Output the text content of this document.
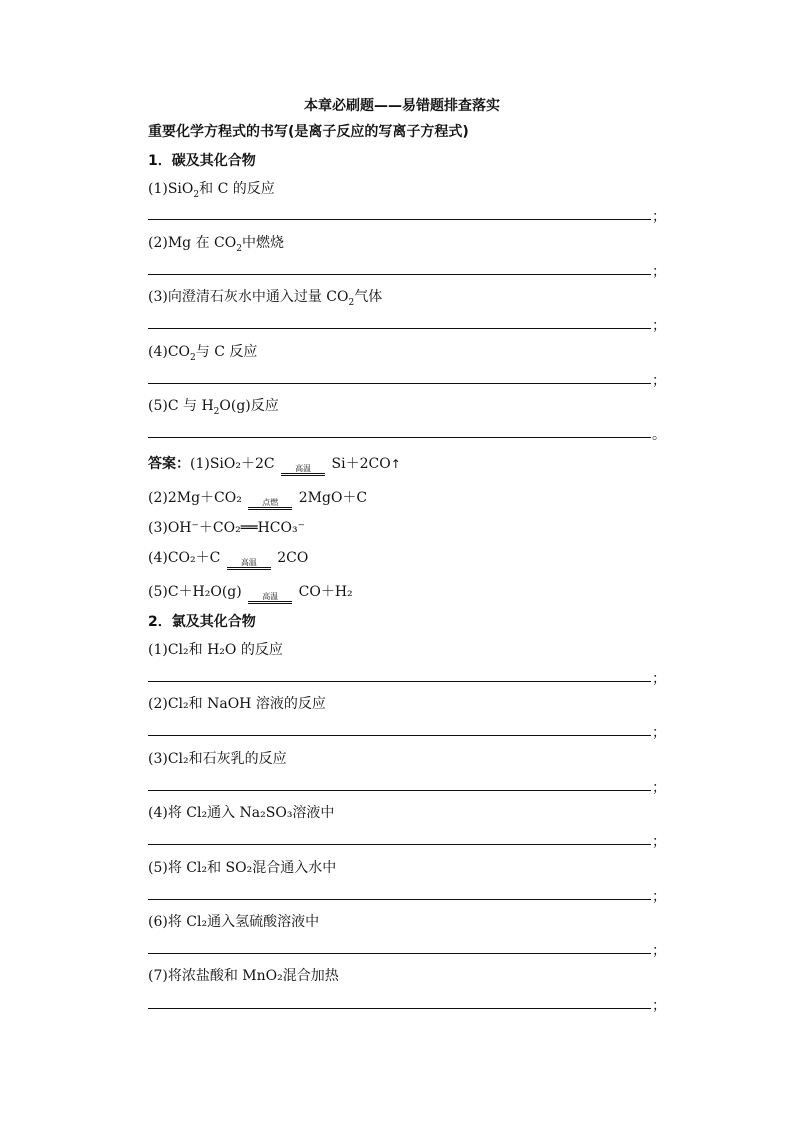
本章必刷题——易错题排查落实
重要化学方程式的书写(是离子反应的写离子方程式)
1．碳及其化合物
(1)SiO$_2$和 C 的反应
；
(2)Mg 在 $CO_2$中燃烧
；
(3)向澄清石灰水中通入过量 $CO_2$气体
；
$(4)CO_2$与 C 反应
；
(5)C 与 $H_2O(g)$反应
。
答案：(1)SiO₂＋2C	高温 Si＋2CO↑
(2)2Mg＋CO₂	点燃 2MgO＋C
(3)OH⁻＋CO₂══HCO₃⁻
(4)CO₂＋C	高温 2CO
(5)C＋H₂O(g)	高温 CO＋H₂
2．氯及其化合物
(1)Cl₂和 H₂O 的反应
；
(2)Cl₂和 NaOH 溶液的反应
；
(3)Cl₂和石灰乳的反应
；
(4)将 Cl₂通入 Na₂SO₃溶液中
；
(5)将 Cl₂和 SO₂混合通入水中
；
(6)将 Cl₂通入氢硫酸溶液中
；
(7)将浓盐酸和 MnO₂混合加热
；
